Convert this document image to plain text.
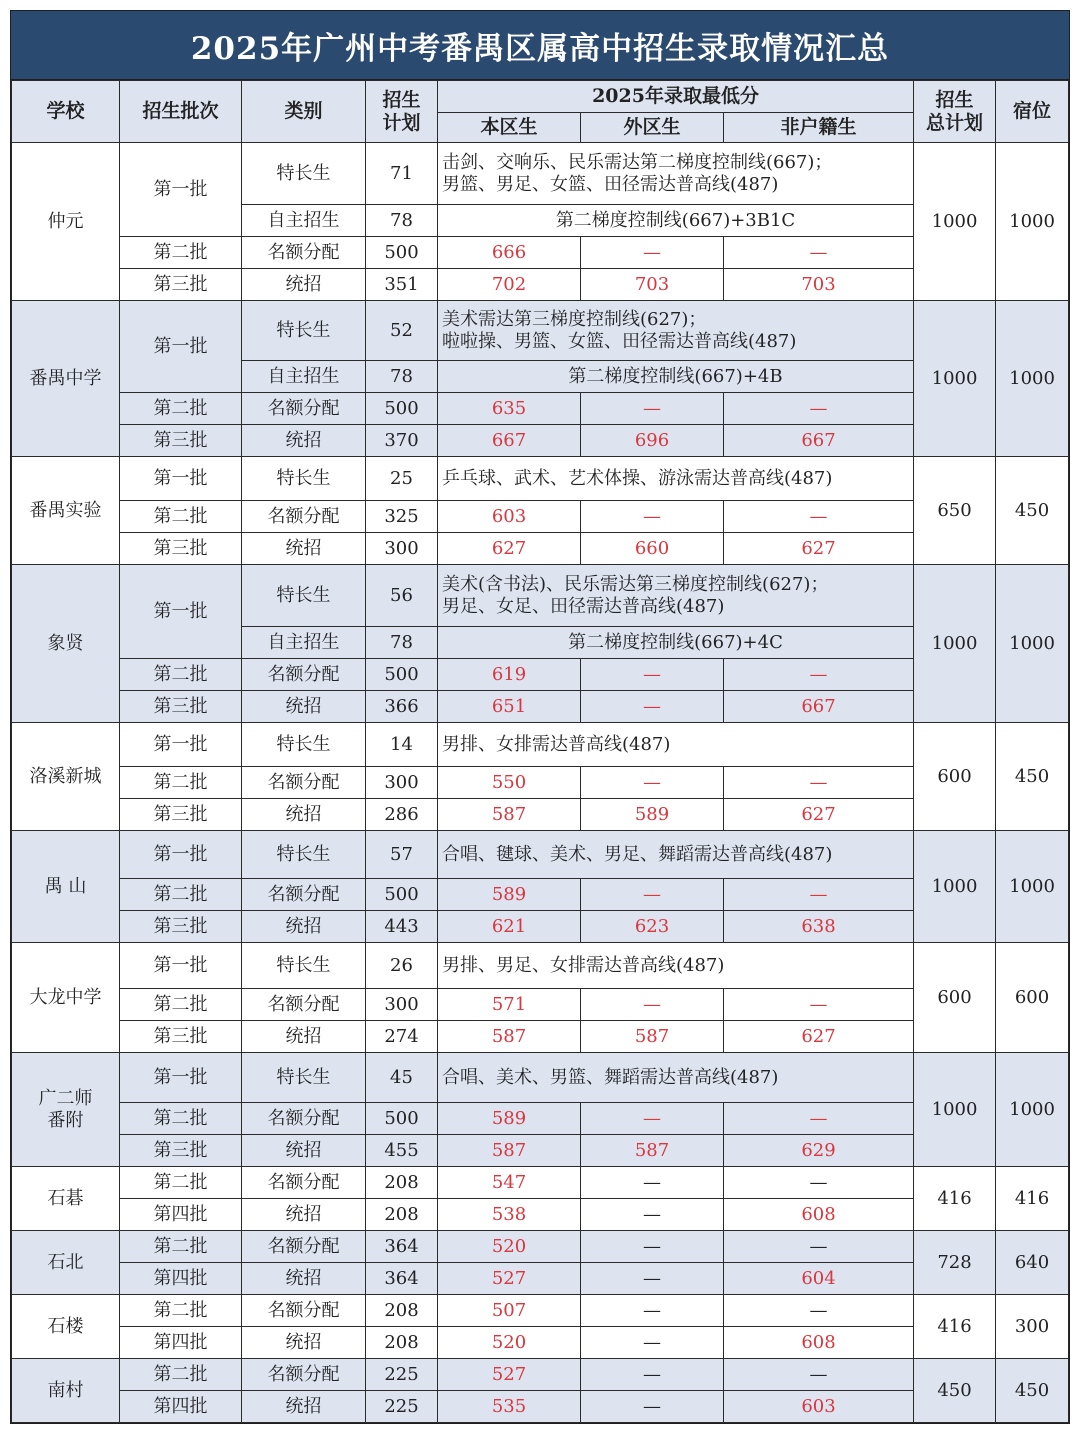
2025年广州中考番禺区属高中招生录取情况汇总
学校	招生批次	类别	招生
计划	2025年录取最低分			招生
总计划	宿位
				本区生	外区生	非户籍生		
仲元	第一批	特长生	71	击剑、交响乐、民乐需达第二梯度控制线(667)；
男篮、男足、女篮、田径需达普高线(487)			1000	1000
		自主招生	78	第二梯度控制线(667)+3B1C				
	第二批	名额分配	500	666	—	—		
	第三批	统招	351	702	703	703		
番禺中学	第一批	特长生	52	美术需达第三梯度控制线(627)；
啦啦操、男篮、女篮、田径需达普高线(487)			1000	1000
		自主招生	78	第二梯度控制线(667)+4B				
	第二批	名额分配	500	635	—	—		
	第三批	统招	370	667	696	667		
番禺实验	第一批	特长生	25	乒乓球、武术、艺术体操、游泳需达普高线(487)			650	450
	第二批	名额分配	325	603	—	—		
	第三批	统招	300	627	660	627		
象贤	第一批	特长生	56	美术(含书法)、民乐需达第三梯度控制线(627)；
男足、女足、田径需达普高线(487)			1000	1000
		自主招生	78	第二梯度控制线(667)+4C				
	第二批	名额分配	500	619	—	—		
	第三批	统招	366	651	—	667		
洛溪新城	第一批	特长生	14	男排、女排需达普高线(487)			600	450
	第二批	名额分配	300	550	—	—		
	第三批	统招	286	587	589	627		
禺 山	第一批	特长生	57	合唱、毽球、美术、男足、舞蹈需达普高线(487)			1000	1000
	第二批	名额分配	500	589	—	—		
	第三批	统招	443	621	623	638		
大龙中学	第一批	特长生	26	男排、男足、女排需达普高线(487)			600	600
	第二批	名额分配	300	571	—	—		
	第三批	统招	274	587	587	627		
广二师
番附	第一批	特长生	45	合唱、美术、男篮、舞蹈需达普高线(487)			1000	1000
	第二批	名额分配	500	589	—	—		
	第三批	统招	455	587	587	629		
石碁	第二批	名额分配	208	547	—	—	416	416
	第四批	统招	208	538	—	608		
石北	第二批	名额分配	364	520	—	—	728	640
	第四批	统招	364	527	—	604		
石楼	第二批	名额分配	208	507	—	—	416	300
	第四批	统招	208	520	—	608		
南村	第二批	名额分配	225	527	—	—	450	450
	第四批	统招	225	535	—	603		
